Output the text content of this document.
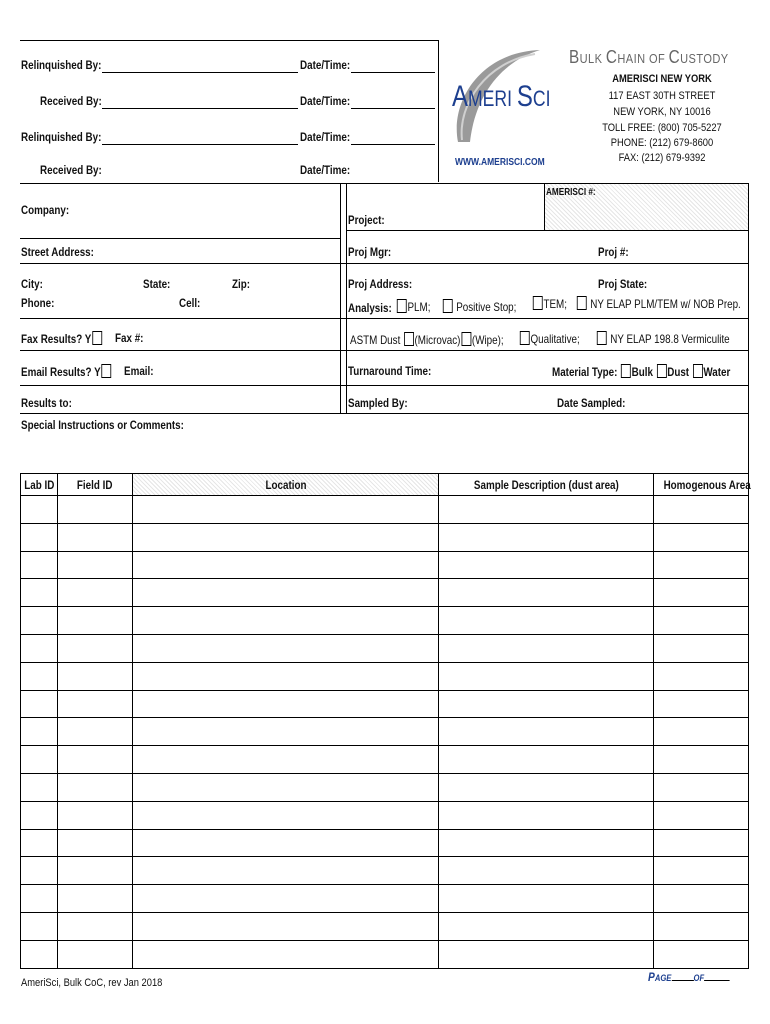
Relinquished By:	Date/Time:
Received By:	Date/Time:
Relinquished By:	Date/Time:
Received By:	Date/Time:
AMERI SCI
WWW.AMERISCI.COM
BULK CHAIN OF CUSTODY
AMERISCI NEW YORK
117 EAST 30TH STREET
NEW YORK, NY 10016
TOLL FREE: (800) 705-5227
PHONE: (212) 679-8600
FAX: (212) 679-9392
AMERISCI #:
Company:
Project:
Street Address:	Proj Mgr:	Proj #:
City:	State:	Zip:	Proj Address:	Proj State:
Phone:	Cell:	Analysis:	PLM;	Positive Stop;	TEM;	NY ELAP PLM/TEM w/ NOB Prep.
Fax Results? Y	Fax #:	ASTM Dust (Microvac) (Wipe);	Qualitative;	NY ELAP 198.8 Vermiculite
Email Results? Y	Email:	Turnaround Time:	Material Type: Bulk Dust Water
Results to:	Sampled By:	Date Sampled:
Special Instructions or Comments:
Lab ID	Field ID	Location	Sample Description (dust area)	Homogenous Area

AmeriSci, Bulk CoC, rev Jan 2018	PAGE OF
